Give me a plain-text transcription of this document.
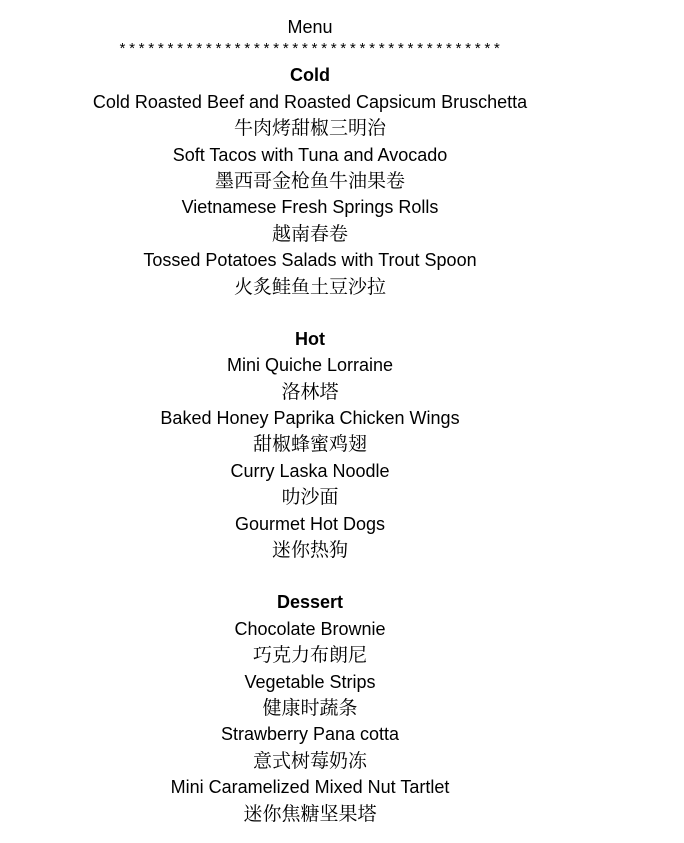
Menu
****************************************
Cold
Cold Roasted Beef and Roasted Capsicum Bruschetta
牛肉烤甜椒三明治
Soft Tacos with Tuna and Avocado
墨西哥金枪鱼牛油果卷
Vietnamese Fresh Springs Rolls
越南春卷
Tossed Potatoes Salads with Trout Spoon
火炙鲑鱼土豆沙拉
Hot
Mini Quiche Lorraine
洛林塔
Baked Honey Paprika Chicken Wings
甜椒蜂蜜鸡翅
Curry Laska Noodle
叻沙面
Gourmet Hot Dogs
迷你热狗
Dessert
Chocolate Brownie
巧克力布朗尼
Vegetable Strips
健康时蔬条
Strawberry Pana cotta
意式树莓奶冻
Mini Caramelized Mixed Nut Tartlet
迷你焦糖坚果塔
